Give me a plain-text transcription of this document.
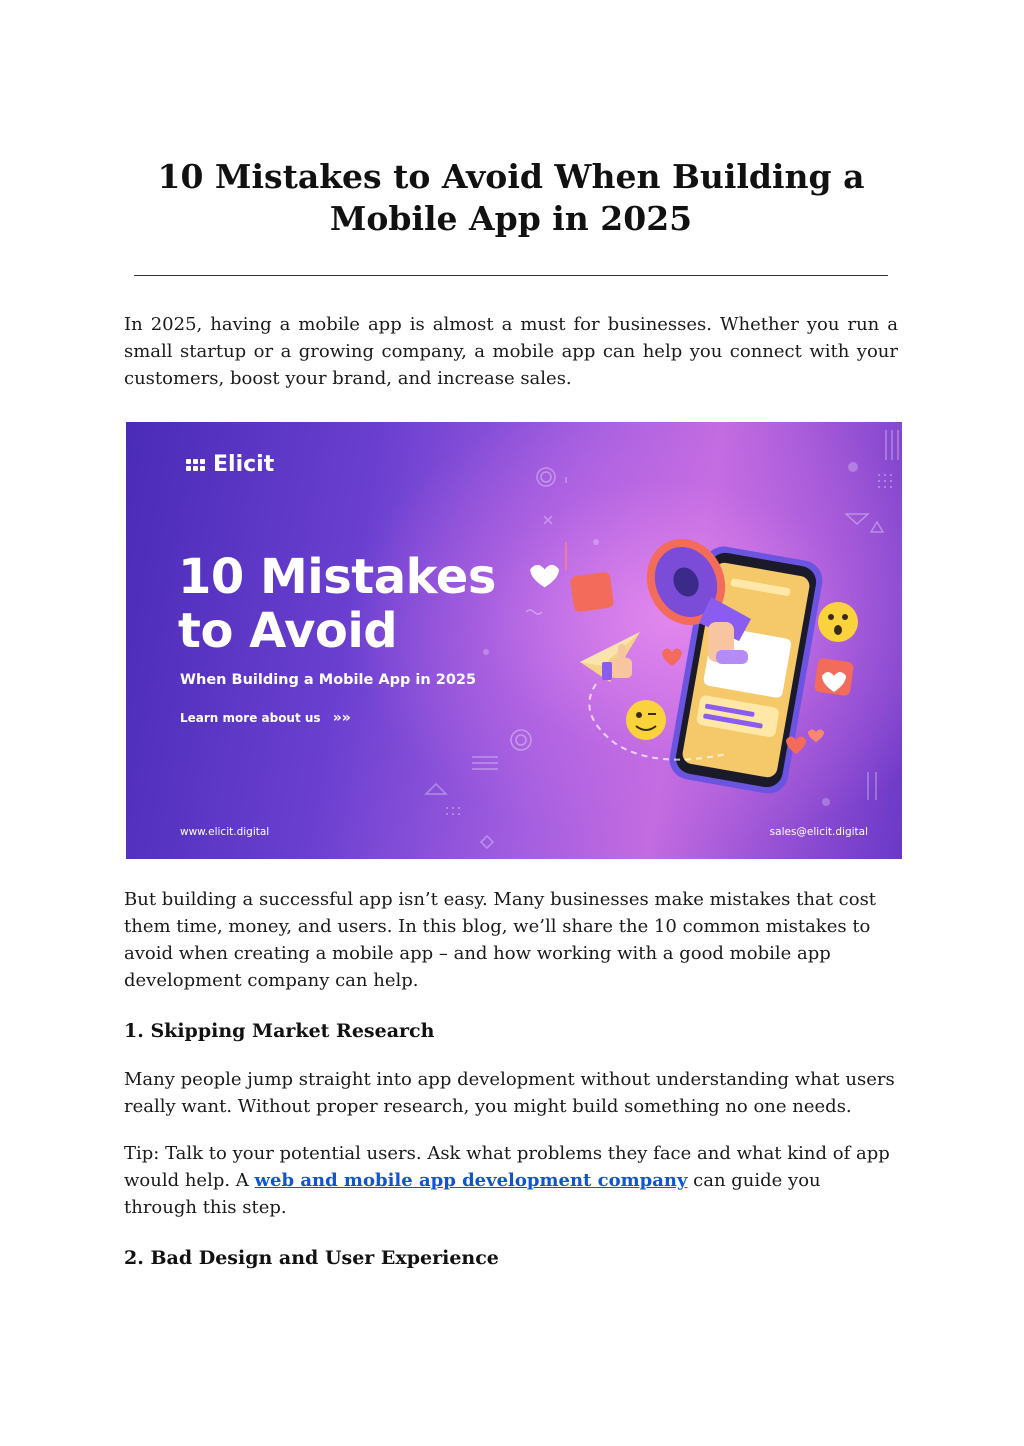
10 Mistakes to Avoid When Building a Mobile App in 2025

In 2025, having a mobile app is almost a must for businesses. Whether you run a small startup or a growing company, a mobile app can help you connect with your customers, boost your brand, and increase sales.

Elicit
10 Mistakes
to Avoid
When Building a Mobile App in 2025
Learn more about us »»
www.elicit.digital	sales@elicit.digital

But building a successful app isn’t easy. Many businesses make mistakes that cost them time, money, and users. In this blog, we’ll share the 10 common mistakes to avoid when creating a mobile app – and how working with a good mobile app development company can help.

1. Skipping Market Research

Many people jump straight into app development without understanding what users really want. Without proper research, you might build something no one needs.

Tip: Talk to your potential users. Ask what problems they face and what kind of app would help. A web and mobile app development company can guide you through this step.

2. Bad Design and User Experience
